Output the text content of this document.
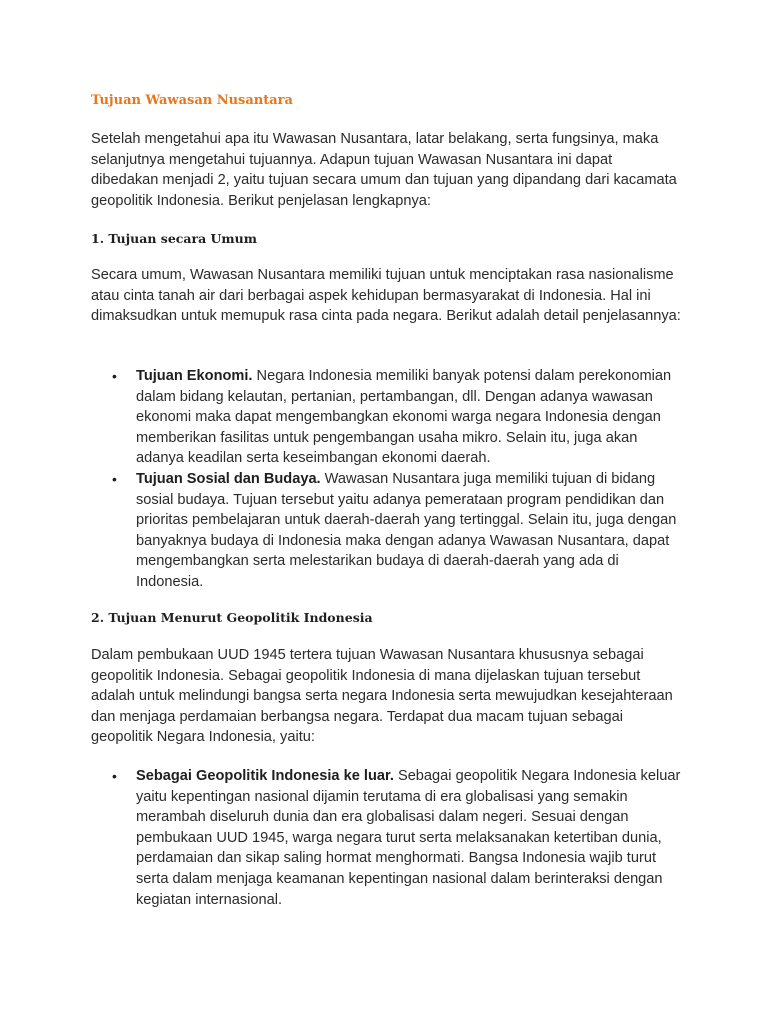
Tujuan Wawasan Nusantara

Setelah mengetahui apa itu Wawasan Nusantara, latar belakang, serta fungsinya, maka selanjutnya mengetahui tujuannya. Adapun tujuan Wawasan Nusantara ini dapat dibedakan menjadi 2, yaitu tujuan secara umum dan tujuan yang dipandang dari kacamata geopolitik Indonesia. Berikut penjelasan lengkapnya:

1. Tujuan secara Umum

Secara umum, Wawasan Nusantara memiliki tujuan untuk menciptakan rasa nasionalisme atau cinta tanah air dari berbagai aspek kehidupan bermasyarakat di Indonesia. Hal ini dimaksudkan untuk memupuk rasa cinta pada negara. Berikut adalah detail penjelasannya:

• Tujuan Ekonomi. Negara Indonesia memiliki banyak potensi dalam perekonomian dalam bidang kelautan, pertanian, pertambangan, dll. Dengan adanya wawasan ekonomi maka dapat mengembangkan ekonomi warga negara Indonesia dengan memberikan fasilitas untuk pengembangan usaha mikro. Selain itu, juga akan adanya keadilan serta keseimbangan ekonomi daerah.
• Tujuan Sosial dan Budaya. Wawasan Nusantara juga memiliki tujuan di bidang sosial budaya. Tujuan tersebut yaitu adanya pemerataan program pendidikan dan prioritas pembelajaran untuk daerah-daerah yang tertinggal. Selain itu, juga dengan banyaknya budaya di Indonesia maka dengan adanya Wawasan Nusantara, dapat mengembangkan serta melestarikan budaya di daerah-daerah yang ada di Indonesia.
2. Tujuan Menurut Geopolitik Indonesia

Dalam pembukaan UUD 1945 tertera tujuan Wawasan Nusantara khususnya sebagai geopolitik Indonesia. Sebagai geopolitik Indonesia di mana dijelaskan tujuan tersebut adalah untuk melindungi bangsa serta negara Indonesia serta mewujudkan kesejahteraan dan menjaga perdamaian berbangsa negara. Terdapat dua macam tujuan sebagai geopolitik Negara Indonesia, yaitu:

• Sebagai Geopolitik Indonesia ke luar. Sebagai geopolitik Negara Indonesia keluar yaitu kepentingan nasional dijamin terutama di era globalisasi yang semakin merambah diseluruh dunia dan era globalisasi dalam negeri. Sesuai dengan pembukaan UUD 1945, warga negara turut serta melaksanakan ketertiban dunia, perdamaian dan sikap saling hormat menghormati. Bangsa Indonesia wajib turut serta dalam menjaga keamanan kepentingan nasional dalam berinteraksi dengan kegiatan internasional.
